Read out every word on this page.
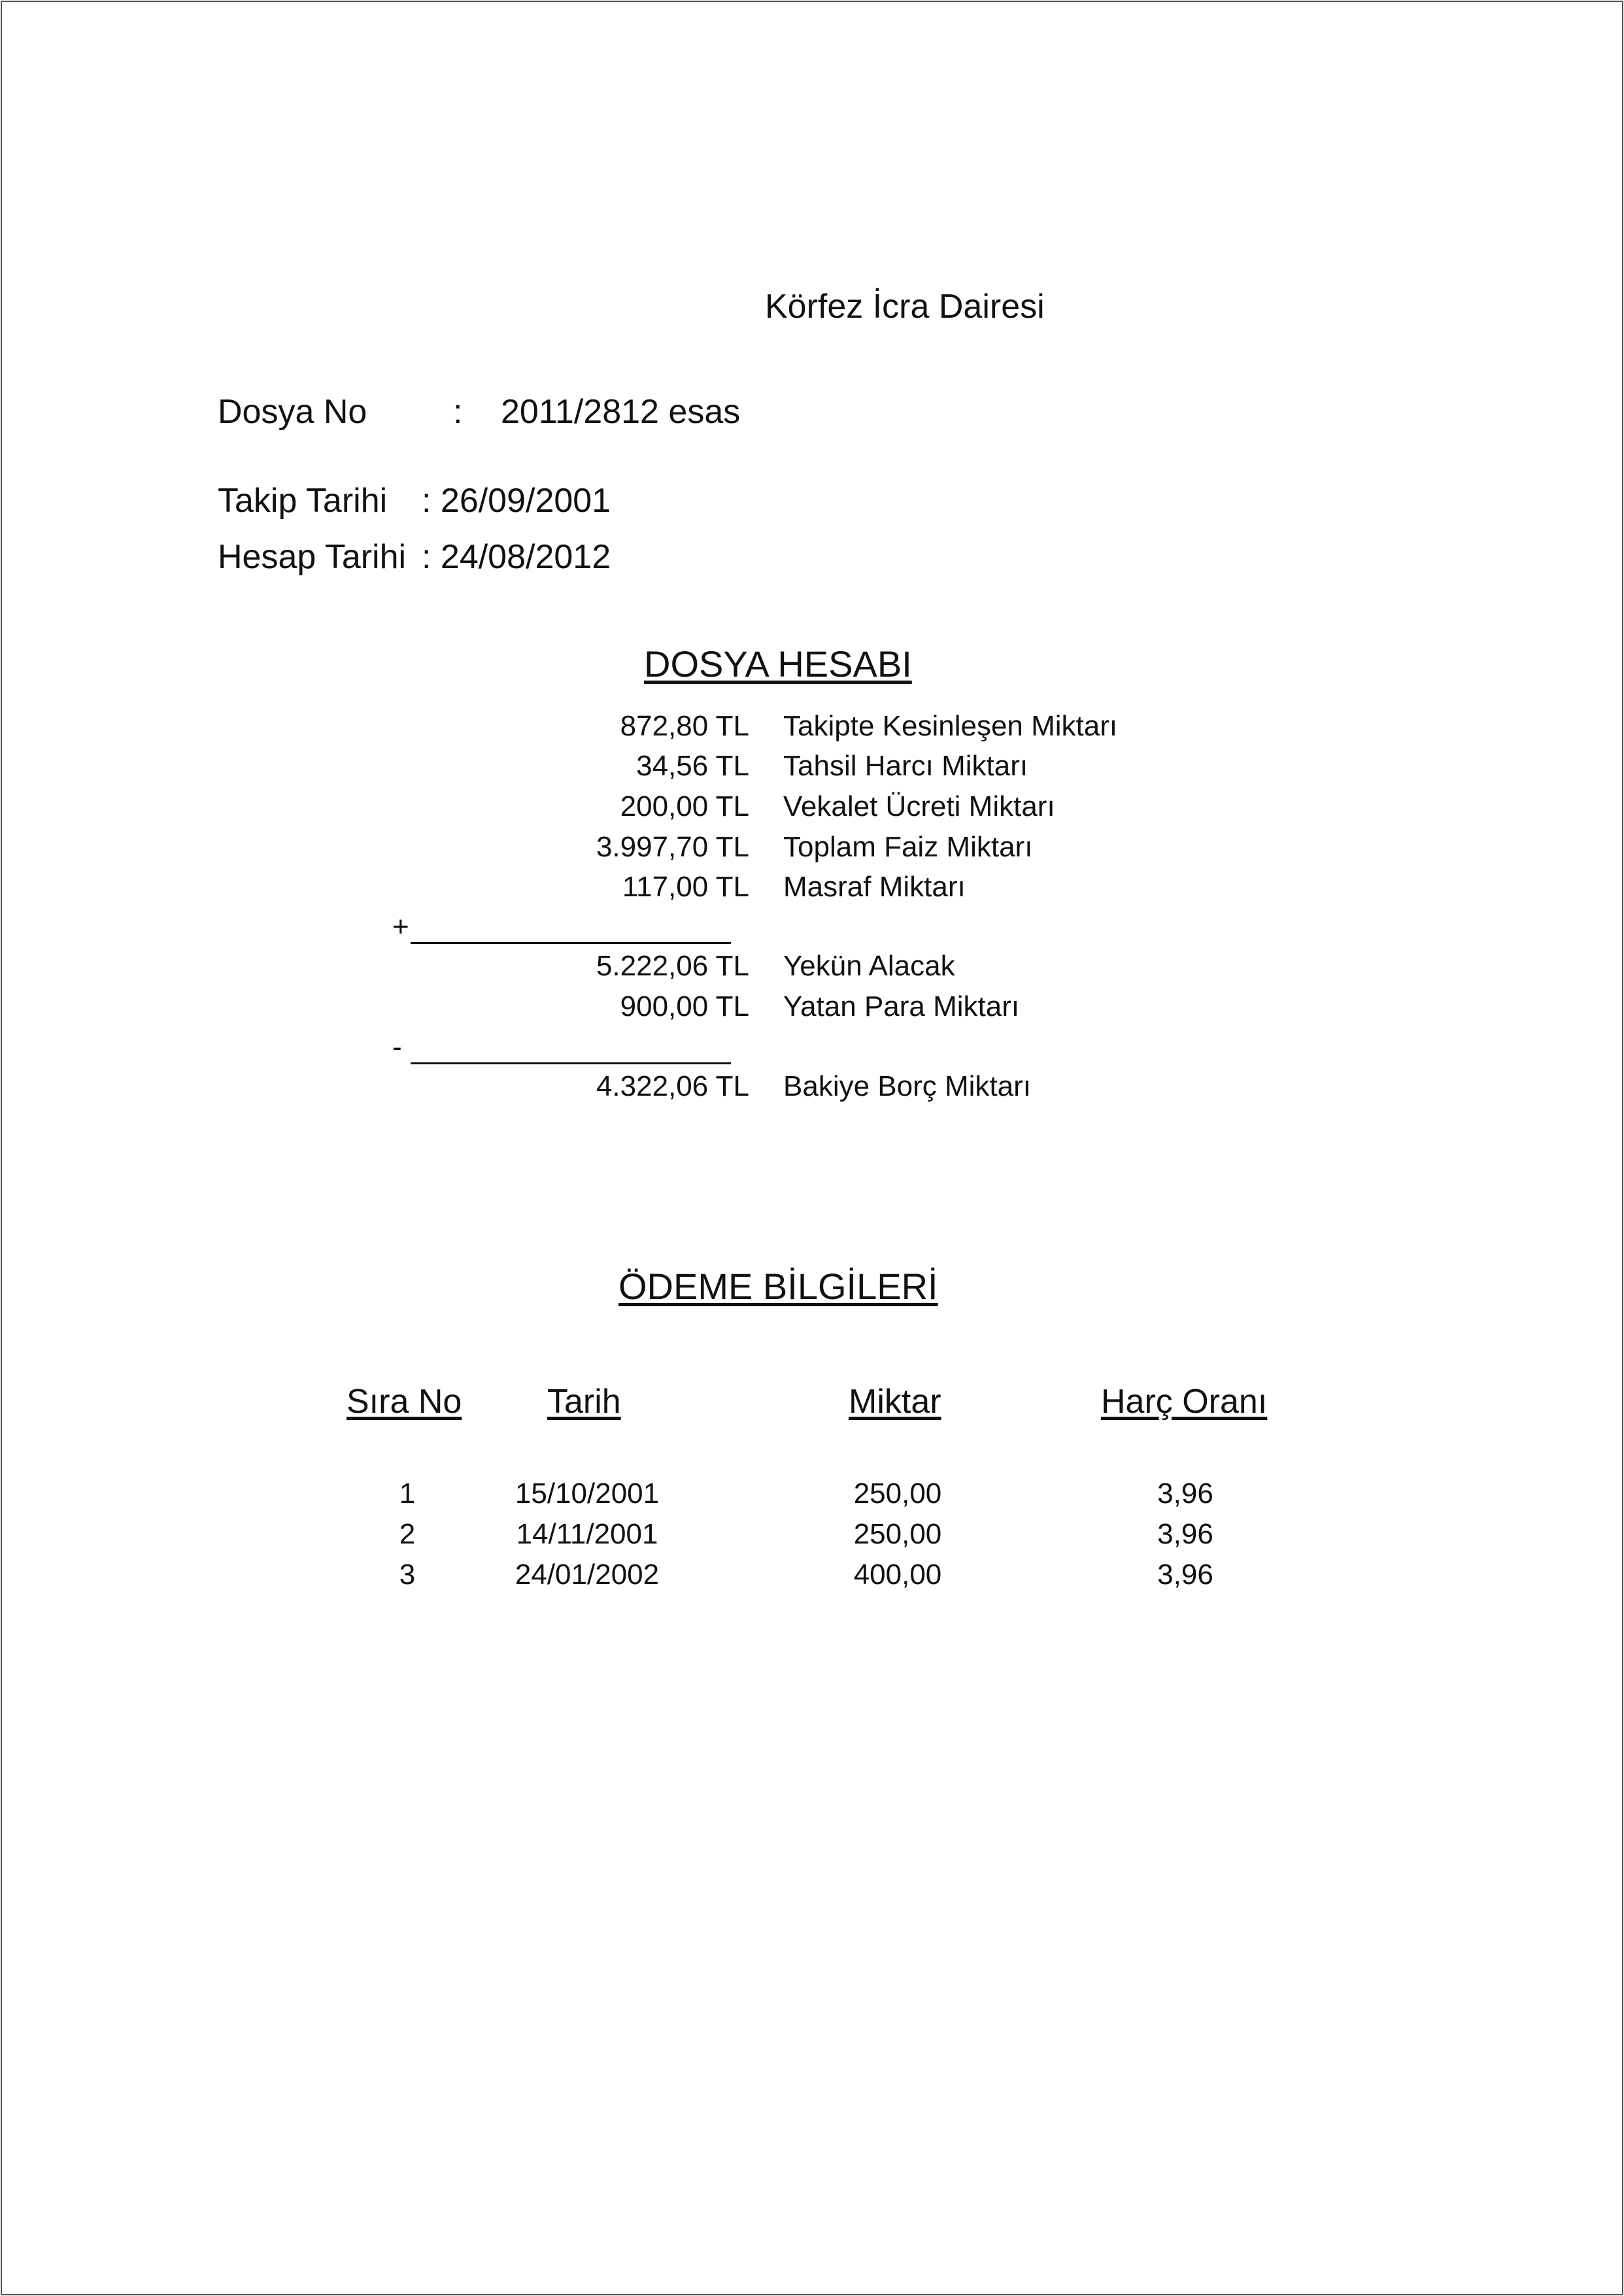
Körfez İcra Dairesi
Dosya No	: 2011/2812 esas
Takip Tarihi : 26/09/2001
Hesap Tarihi : 24/08/2012
DOSYA HESABI
872,80 TL Takipte Kesinleşen Miktarı
34,56 TL Tahsil Harcı Miktarı
200,00 TL Vekalet Ücreti Miktarı
3.997,70 TL Toplam Faiz Miktarı
117,00 TL Masraf Miktarı
+
5.222,06 TL Yekün Alacak
900,00 TL Yatan Para Miktarı
-
4.322,06 TL Bakiye Borç Miktarı
ÖDEME BİLGİLERİ
Sıra No	Tarih	Miktar	Harç Oranı
1	15/10/2001	250,00	3,96
2	14/11/2001	250,00	3,96
3	24/01/2002	400,00	3,96
